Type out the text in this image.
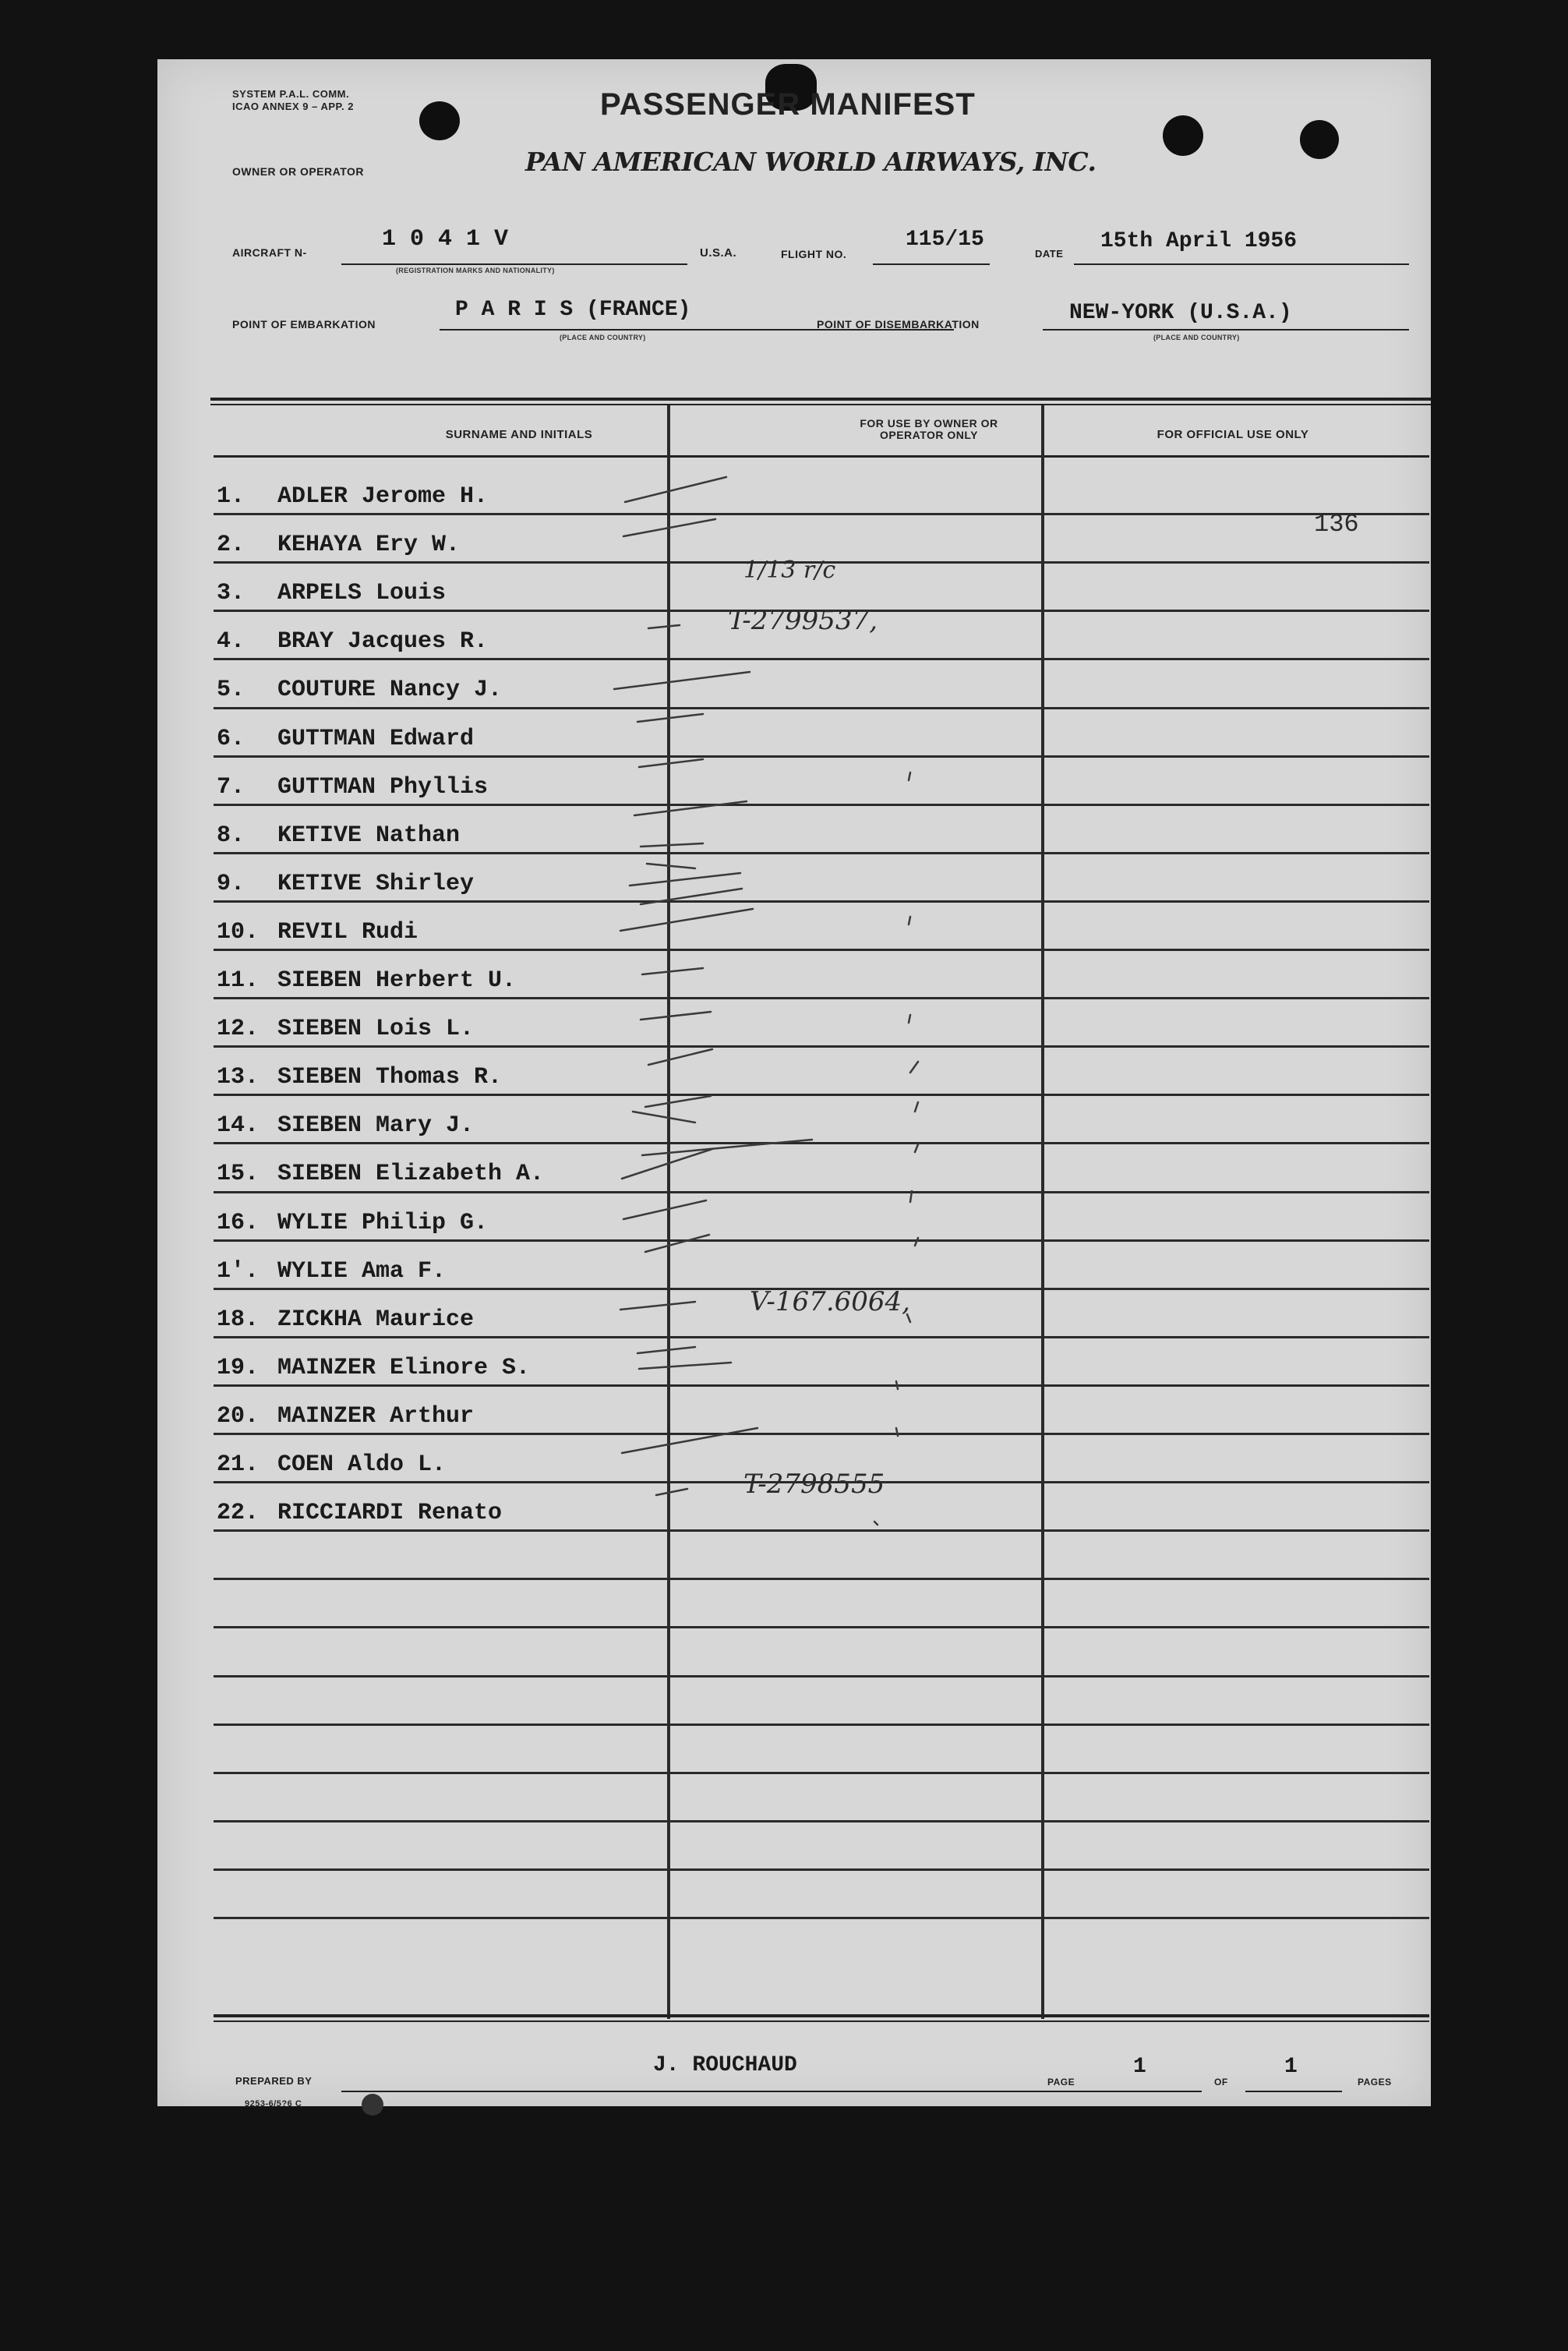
SYSTEM P.A.L. COMM.
ICAO ANNEX 9 – APP. 2
OWNER OR OPERATOR
PASSENGER MANIFEST
PAN AMERICAN WORLD AIRWAYS, INC.
AIRCRAFT N-	1 0 4 1 V
(REGISTRATION MARKS AND NATIONALITY)
U.S.A.	FLIGHT NO.
115/15
DATE
15th April 1956
POINT OF EMBARKATION
P A R I S (FRANCE)
(PLACE AND COUNTRY)
POINT OF DISEMBARKATION	NEW-YORK (U.S.A.)
(PLACE AND COUNTRY)
SURNAME AND INITIALS
FOR USE BY OWNER OR OPERATOR ONLY	FOR OFFICIAL USE ONLY
1. ADLER Jerome H.
2. KEHAYA Ery W.
3. ARPELS Louis
4. BRAY Jacques R.
5. COUTURE Nancy J.
6. GUTTMAN Edward
7. GUTTMAN Phyllis
8. KETIVE Nathan
9. KETIVE Shirley
10. REVIL Rudi
11. SIEBEN Herbert U.
12. SIEBEN Lois L.
13. SIEBEN Thomas R.
14. SIEBEN Mary J.
15. SIEBEN Elizabeth A.
16. WYLIE Philip G.
1'. WYLIE Ama F.
18. ZICKHA Maurice
19. MAINZER Elinore S.
20. MAINZER Arthur
21. COEN Aldo L.
22. RICCIARDI Renato
136
1/13 r/c
T-2799537,
V-167.6064,
T-2798555
PREPARED BY
J. ROUCHAUD
PAGE
1
OF
1
PAGES
9253-6/5?6 C
